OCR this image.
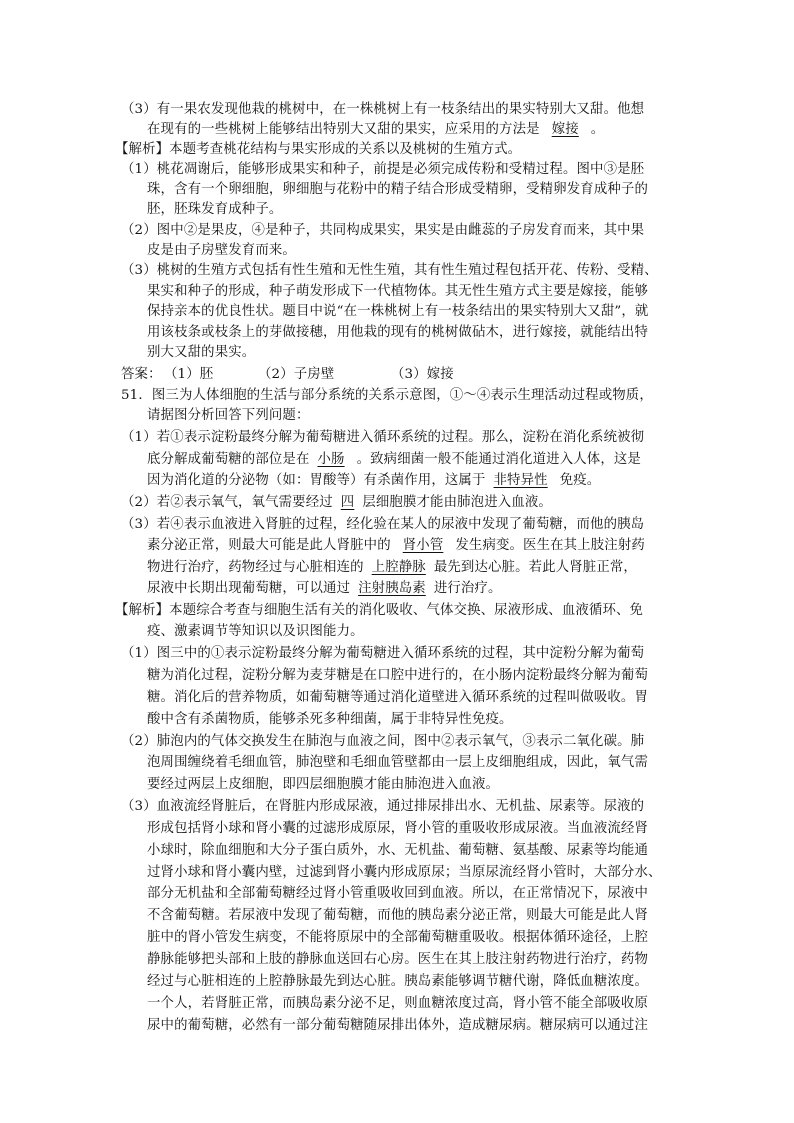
（3）有一果农发现他栽的桃树中，在一株桃树上有一枝条结出的果实特别大又甜。他想
在现有的一些桃树上能够结出特别大又甜的果实，应采用的方法是 嫁接 。
【解析】本题考查桃花结构与果实形成的关系以及桃树的生殖方式。
（1）桃花凋谢后，能够形成果实和种子，前提是必须完成传粉和受精过程。图中③是胚
珠，含有一个卵细胞，卵细胞与花粉中的精子结合形成受精卵，受精卵发育成种子的
胚，胚珠发育成种子。
（2）图中②是果皮，④是种子，共同构成果实，果实是由雌蕊的子房发育而来，其中果
皮是由子房壁发育而来。
（3）桃树的生殖方式包括有性生殖和无性生殖，其有性生殖过程包括开花、传粉、受精、
果实和种子的形成，种子萌发形成下一代植物体。其无性生殖方式主要是嫁接，能够
保持亲本的优良性状。题目中说“在一株桃树上有一枝条结出的果实特别大又甜”，就
用该枝条或枝条上的芽做接穗，用他栽的现有的桃树做砧木，进行嫁接，就能结出特
别大又甜的果实。
答案： （1）胚	（2）子房壁	（3）嫁接
51．图三为人体细胞的生活与部分系统的关系示意图，①～④表示生理活动过程或物质，
请据图分析回答下列问题：
（1）若①表示淀粉最终分解为葡萄糖进入循环系统的过程。那么，淀粉在消化系统被彻
底分解成葡萄糖的部位是在 小肠 。致病细菌一般不能通过消化道进入人体，这是
因为消化道的分泌物（如：胃酸等）有杀菌作用，这属于 非特异性 免疫。
（2）若②表示氧气，氧气需要经过 四 层细胞膜才能由肺泡进入血液。
（3）若④表示血液进入肾脏的过程，经化验在某人的尿液中发现了葡萄糖，而他的胰岛
素分泌正常，则最大可能是此人肾脏中的 肾小管 发生病变。医生在其上肢注射药
物进行治疗，药物经过与心脏相连的 上腔静脉 最先到达心脏。若此人肾脏正常，
尿液中长期出现葡萄糖，可以通过 注射胰岛素 进行治疗。
【解析】本题综合考查与细胞生活有关的消化吸收、气体交换、尿液形成、血液循环、免
疫、激素调节等知识以及识图能力。
（1）图三中的①表示淀粉最终分解为葡萄糖进入循环系统的过程，其中淀粉分解为葡萄
糖为消化过程，淀粉分解为麦芽糖是在口腔中进行的，在小肠内淀粉最终分解为葡萄
糖。消化后的营养物质，如葡萄糖等通过消化道壁进入循环系统的过程叫做吸收。胃
酸中含有杀菌物质，能够杀死多种细菌，属于非特异性免疫。
（2）肺泡内的气体交换发生在肺泡与血液之间，图中②表示氧气，③表示二氧化碳。肺
泡周围缠绕着毛细血管，肺泡壁和毛细血管壁都由一层上皮细胞组成，因此，氧气需
要经过两层上皮细胞，即四层细胞膜才能由肺泡进入血液。
（3）血液流经肾脏后，在肾脏内形成尿液，通过排尿排出水、无机盐、尿素等。尿液的
形成包括肾小球和肾小囊的过滤形成原尿，肾小管的重吸收形成尿液。当血液流经肾
小球时，除血细胞和大分子蛋白质外，水、无机盐、葡萄糖、氨基酸、尿素等均能通
过肾小球和肾小囊内壁，过滤到肾小囊内形成原尿；当原尿流经肾小管时，大部分水、
部分无机盐和全部葡萄糖经过肾小管重吸收回到血液。所以，在正常情况下，尿液中
不含葡萄糖。若尿液中发现了葡萄糖，而他的胰岛素分泌正常，则最大可能是此人肾
脏中的肾小管发生病变，不能将原尿中的全部葡萄糖重吸收。根据体循环途径，上腔
静脉能够把头部和上肢的静脉血送回右心房。医生在其上肢注射药物进行治疗，药物
经过与心脏相连的上腔静脉最先到达心脏。胰岛素能够调节糖代谢，降低血糖浓度。
一个人，若肾脏正常，而胰岛素分泌不足，则血糖浓度过高，肾小管不能全部吸收原
尿中的葡萄糖，必然有一部分葡萄糖随尿排出体外，造成糖尿病。糖尿病可以通过注
